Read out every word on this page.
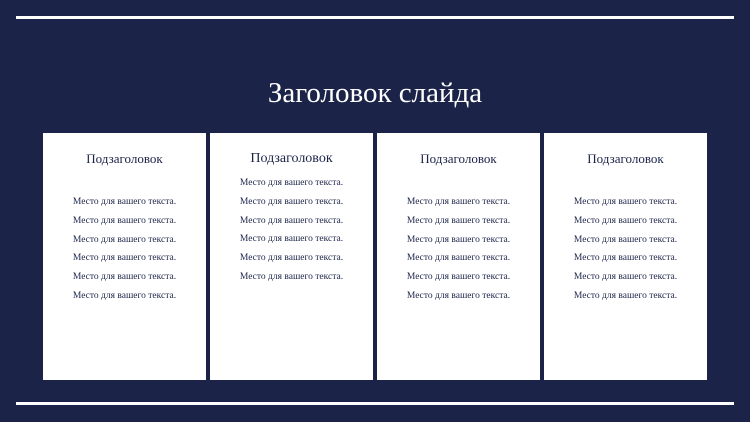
Заголовок слайда
Подзаголовок
Место для вашего текста.
Место для вашего текста.
Место для вашего текста.
Место для вашего текста.
Место для вашего текста.
Место для вашего текста.
Подзаголовок
Место для вашего текста.
Место для вашего текста.
Место для вашего текста.
Место для вашего текста.
Место для вашего текста.
Место для вашего текста.
Подзаголовок
Место для вашего текста.
Место для вашего текста.
Место для вашего текста.
Место для вашего текста.
Место для вашего текста.
Место для вашего текста.
Подзаголовок
Место для вашего текста.
Место для вашего текста.
Место для вашего текста.
Место для вашего текста.
Место для вашего текста.
Место для вашего текста.
